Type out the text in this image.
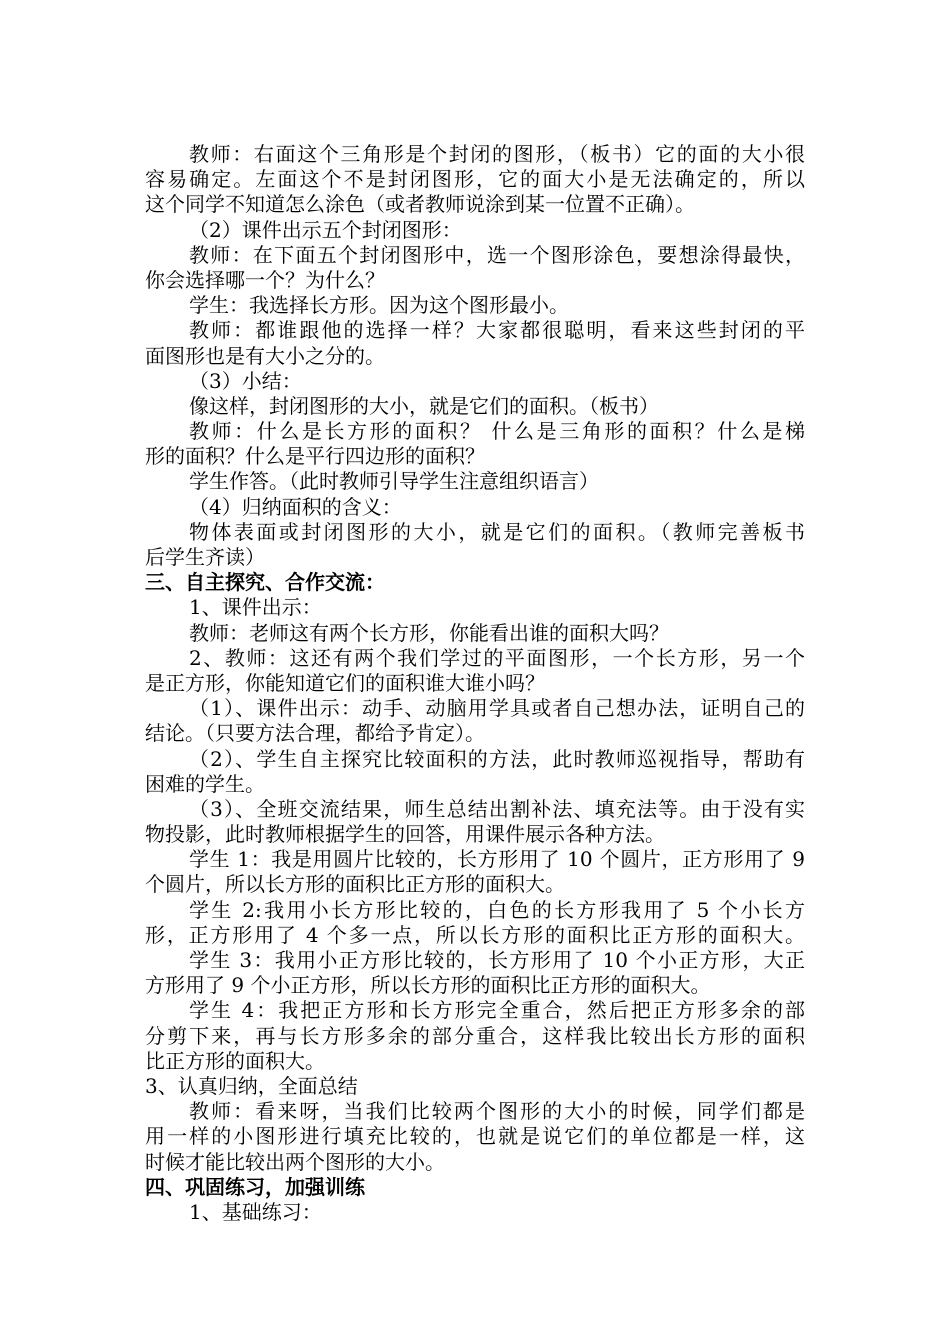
教师：右面这个三角形是个封闭的图形，（板书）它的面的大小很
容易确定。左面这个不是封闭图形，它的面大小是无法确定的，所以
这个同学不知道怎么涂色（或者教师说涂到某一位置不正确）。
（2）课件出示五个封闭图形：
教师：在下面五个封闭图形中，选一个图形涂色，要想涂得最快，
你会选择哪一个？为什么？
学生：我选择长方形。因为这个图形最小。
教师：都谁跟他的选择一样？大家都很聪明，看来这些封闭的平
面图形也是有大小之分的。
（3）小结：
像这样，封闭图形的大小，就是它们的面积。（板书）
教师：什么是长方形的面积？ 什么是三角形的面积？什么是梯
形的面积？什么是平行四边形的面积？
学生作答。（此时教师引导学生注意组织语言）
（4）归纳面积的含义：
物体表面或封闭图形的大小，就是它们的面积。（教师完善板书
后学生齐读）
三、自主探究、合作交流：
1、课件出示：
教师：老师这有两个长方形，你能看出谁的面积大吗？
2、教师：这还有两个我们学过的平面图形，一个长方形，另一个
是正方形，你能知道它们的面积谁大谁小吗？
（1）、课件出示：动手、动脑用学具或者自己想办法，证明自己的
结论。（只要方法合理，都给予肯定）。
（2）、学生自主探究比较面积的方法，此时教师巡视指导，帮助有
困难的学生。
（3）、全班交流结果，师生总结出割补法、填充法等。由于没有实
物投影，此时教师根据学生的回答，用课件展示各种方法。
学生 1：我是用圆片比较的，长方形用了 10 个圆片，正方形用了 9
个圆片，所以长方形的面积比正方形的面积大。
学生 2:我用小长方形比较的，白色的长方形我用了 5 个小长方
形，正方形用了 4 个多一点，所以长方形的面积比正方形的面积大。
学生 3：我用小正方形比较的，长方形用了 10 个小正方形，大正
方形用了 9 个小正方形，所以长方形的面积比正方形的面积大。
学生 4：我把正方形和长方形完全重合，然后把正方形多余的部
分剪下来，再与长方形多余的部分重合，这样我比较出长方形的面积
比正方形的面积大。
3、认真归纳，全面总结
教师：看来呀，当我们比较两个图形的大小的时候，同学们都是
用一样的小图形进行填充比较的，也就是说它们的单位都是一样，这
时候才能比较出两个图形的大小。
四、巩固练习，加强训练
1、基础练习：
